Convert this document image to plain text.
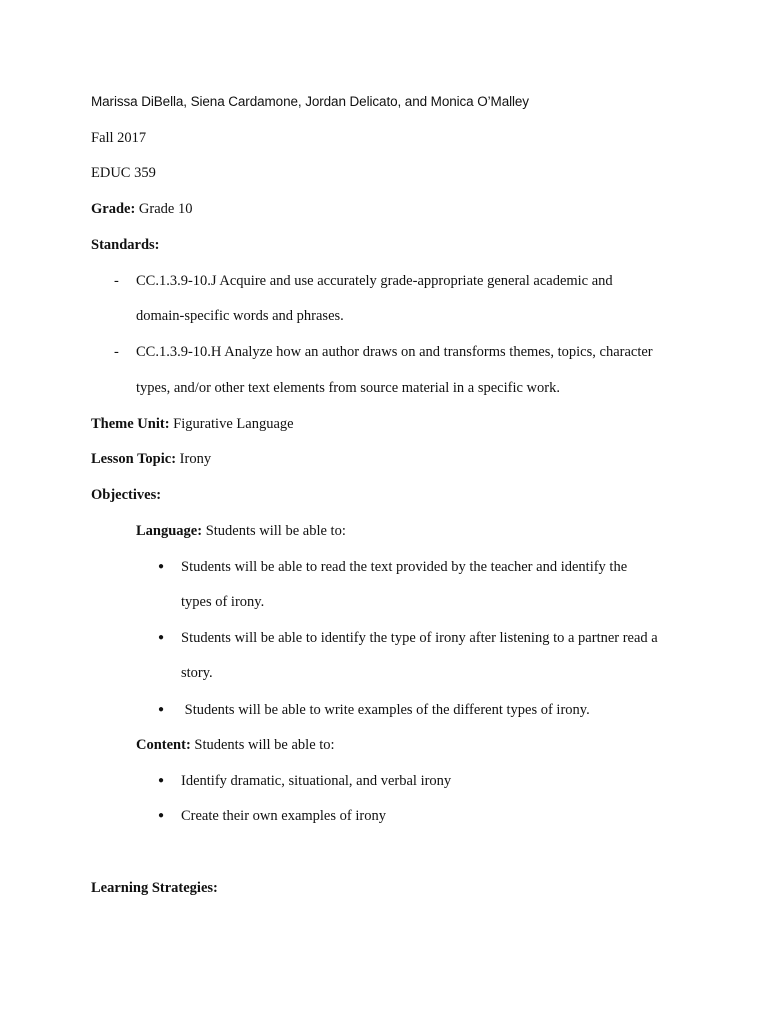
Marissa DiBella, Siena Cardamone, Jordan Delicato, and Monica O’Malley
Fall 2017
EDUC 359
Grade: Grade 10
Standards:
- CC.1.3.9-10.J Acquire and use accurately grade-appropriate general academic and
domain-specific words and phrases.
- CC.1.3.9-10.H Analyze how an author draws on and transforms themes, topics, character
types, and/or other text elements from source material in a specific work.
Theme Unit: Figurative Language
Lesson Topic: Irony
Objectives:
Language: Students will be able to:
● Students will be able to read the text provided by the teacher and identify the
types of irony.
● Students will be able to identify the type of irony after listening to a partner read a
story.
● Students will be able to write examples of the different types of irony.
Content: Students will be able to:
● Identify dramatic, situational, and verbal irony
● Create their own examples of irony
Learning Strategies:
